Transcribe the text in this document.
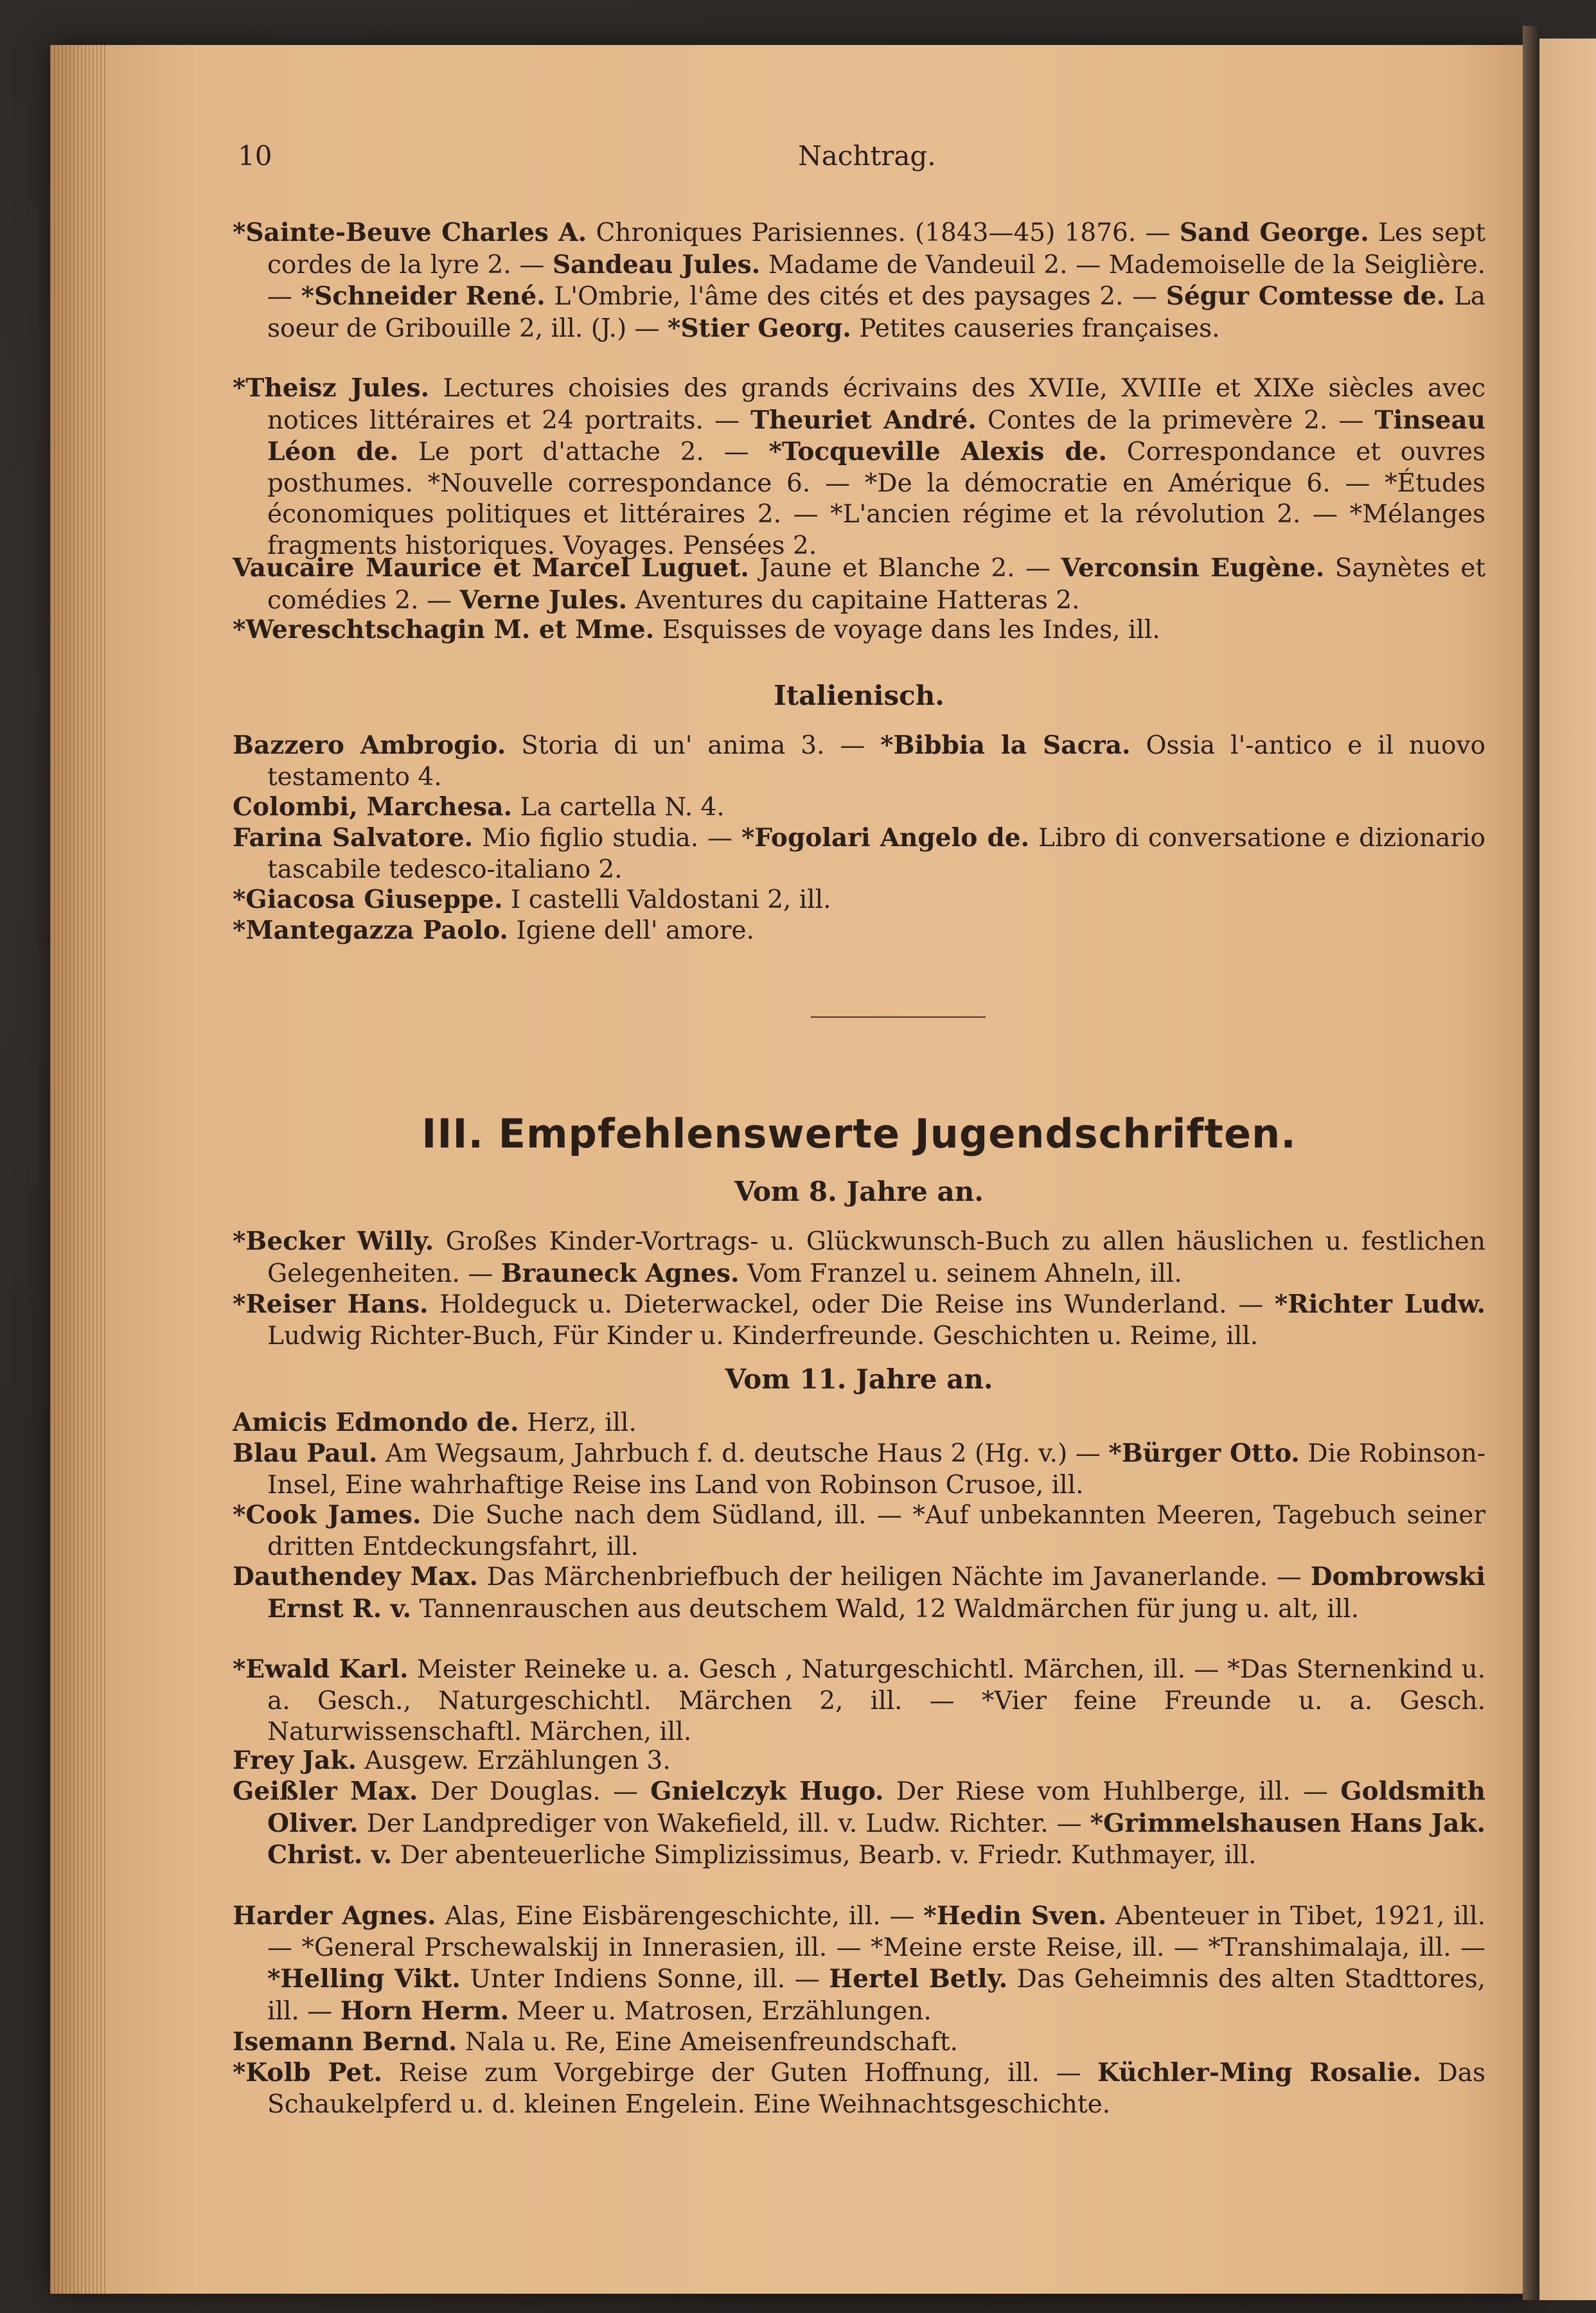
10	Nachtrag.
*Sainte-Beuve Charles A. Chroniques Parisiennes. (1843—45) 1876. — Sand George. Les sept cordes de la lyre 2. — Sandeau Jules. Madame de Vandeuil 2. — Mademoiselle de la Seiglière. — *Schneider René. L'Ombrie, l'âme des cités et des paysages 2. — Ségur Comtesse de. La soeur de Gribouille 2, ill. (J.) — *Stier Georg. Petites causeries françaises.
*Theisz Jules. Lectures choisies des grands écrivains des XVIIe, XVIIIe et XIXe siècles avec notices littéraires et 24 portraits. — Theuriet André. Contes de la primevère 2. — Tinseau Léon de. Le port d'attache 2. — *Tocqueville Alexis de. Correspondance et ouvres posthumes. *Nouvelle correspondance 6. — *De la démocratie en Amérique 6. — *Études économiques politiques et littéraires 2. — *L'ancien régime et la révolution 2. — *Mélanges fragments historiques. Voyages. Pensées 2.
Vaucaire Maurice et Marcel Luguet. Jaune et Blanche 2. — Verconsin Eugène. Saynètes et comédies 2. — Verne Jules. Aventures du capitaine Hatteras 2.
*Wereschtschagin M. et Mme. Esquisses de voyage dans les Indes, ill.
Italienisch.
Bazzero Ambrogio. Storia di un' anima 3. — *Bibbia la Sacra. Ossia l'-antico e il nuovo testamento 4.
Colombi, Marchesa. La cartella N. 4.
Farina Salvatore. Mio figlio studia. — *Fogolari Angelo de. Libro di conversatione e dizionario tascabile tedesco-italiano 2.
*Giacosa Giuseppe. I castelli Valdostani 2, ill.
*Mantegazza Paolo. Igiene dell' amore.
III. Empfehlenswerte Jugendschriften.
Vom 8. Jahre an.
*Becker Willy. Großes Kinder-Vortrags- u. Glückwunsch-Buch zu allen häuslichen u. festlichen Gelegenheiten. — Brauneck Agnes. Vom Franzel u. seinem Ahneln, ill.
*Reiser Hans. Holdeguck u. Dieterwackel, oder Die Reise ins Wunderland. — *Richter Ludw. Ludwig Richter-Buch, Für Kinder u. Kinderfreunde. Geschichten u. Reime, ill.
Vom 11. Jahre an.
Amicis Edmondo de. Herz, ill.
Blau Paul. Am Wegsaum, Jahrbuch f. d. deutsche Haus 2 (Hg. v.) — *Bürger Otto. Die Robinson-Insel, Eine wahrhaftige Reise ins Land von Robinson Crusoe, ill.
*Cook James. Die Suche nach dem Südland, ill. — *Auf unbekannten Meeren, Tagebuch seiner dritten Entdeckungsfahrt, ill.
Dauthendey Max. Das Märchenbriefbuch der heiligen Nächte im Javanerlande. — Dombrowski Ernst R. v. Tannenrauschen aus deutschem Wald, 12 Waldmärchen für jung u. alt, ill.
*Ewald Karl. Meister Reineke u. a. Gesch , Naturgeschichtl. Märchen, ill. — *Das Sternenkind u. a. Gesch., Naturgeschichtl. Märchen 2, ill. — *Vier feine Freunde u. a. Gesch. Naturwissenschaftl. Märchen, ill.
Frey Jak. Ausgew. Erzählungen 3.
Geißler Max. Der Douglas. — Gnielczyk Hugo. Der Riese vom Huhlberge, ill. — Goldsmith Oliver. Der Landprediger von Wakefield, ill. v. Ludw. Richter. — *Grimmelshausen Hans Jak. Christ. v. Der abenteuerliche Simplizissimus, Bearb. v. Friedr. Kuthmayer, ill.
Harder Agnes. Alas, Eine Eisbärengeschichte, ill. — *Hedin Sven. Abenteuer in Tibet, 1921, ill. — *General Prschewalskij in Innerasien, ill. — *Meine erste Reise, ill. — *Transhimalaja, ill. — *Helling Vikt. Unter Indiens Sonne, ill. — Hertel Betly. Das Geheimnis des alten Stadttores, ill. — Horn Herm. Meer u. Matrosen, Erzählungen.
Isemann Bernd. Nala u. Re, Eine Ameisenfreundschaft.
*Kolb Pet. Reise zum Vorgebirge der Guten Hoffnung, ill. — Küchler-Ming Rosalie. Das Schaukelpferd u. d. kleinen Engelein. Eine Weihnachtsgeschichte.
